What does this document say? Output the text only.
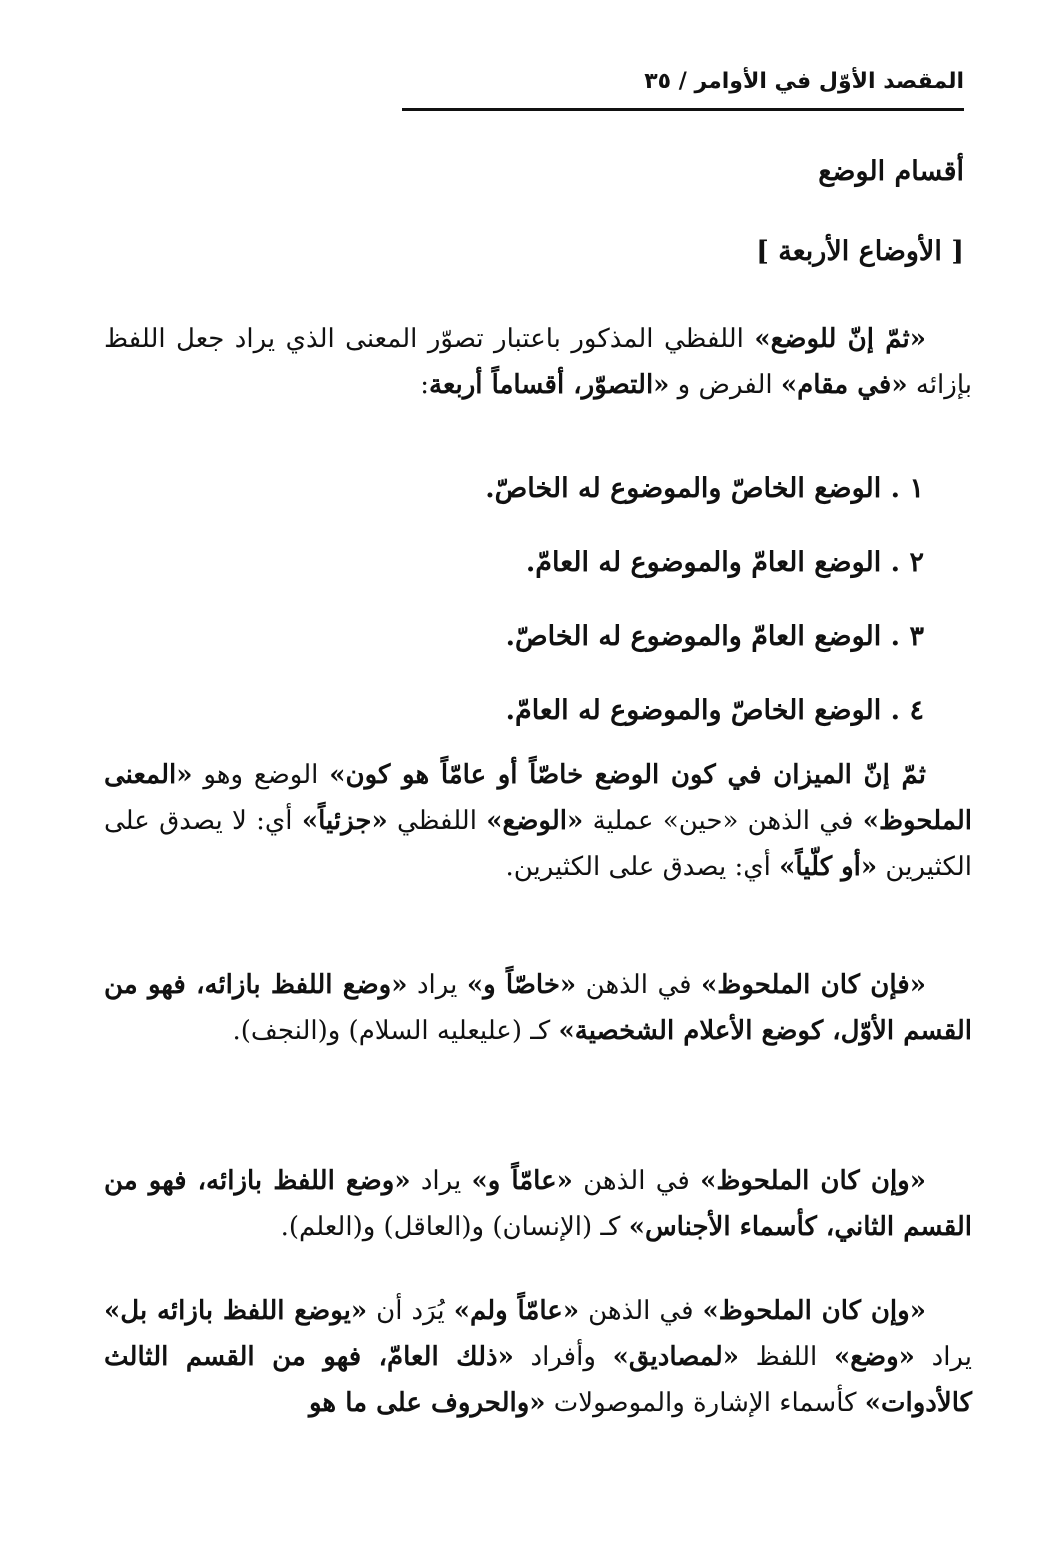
المقصد الأوّل في الأوامر / ٣٥
أقسام الوضع
[ الأوضاع الأربعة ]

«ثمّ إنّ للوضع» اللفظي المذكور باعتبار تصوّر المعنى الذي يراد جعل اللفظ بإزائه «في مقام» الفرض و «التصوّر، أقساماً أربعة:

١ . الوضع الخاصّ والموضوع له الخاصّ.
٢ . الوضع العامّ والموضوع له العامّ.
٣ . الوضع العامّ والموضوع له الخاصّ.
٤ . الوضع الخاصّ والموضوع له العامّ.

ثمّ إنّ الميزان في كون الوضع خاصّاً أو عامّاً هو كون» الوضع وهو «المعنى الملحوظ» في الذهن «حين» عملية «الوضع» اللفظي «جزئياً» أي: لا يصدق على الكثيرين «أو كلّياً» أي: يصدق على الكثيرين.

«فإن كان الملحوظ» في الذهن «خاصّاً و» يراد «وضع اللفظ بازائه، فهو من القسم الأوّل، كوضع الأعلام الشخصية» كـ (عليعليه السلام) و(النجف).

«وإن كان الملحوظ» في الذهن «عامّاً و» يراد «وضع اللفظ بازائه، فهو من القسم الثاني، كأسماء الأجناس» كـ (الإنسان) و(العاقل) و(العلم).

«وإن كان الملحوظ» في الذهن «عامّاً ولم» يُرَد أن «يوضع اللفظ بازائه بل» يراد «وضع» اللفظ «لمصاديق» وأفراد «ذلك العامّ، فهو من القسم الثالث كالأدوات» كأسماء الإشارة والموصولات «والحروف على ما هو
